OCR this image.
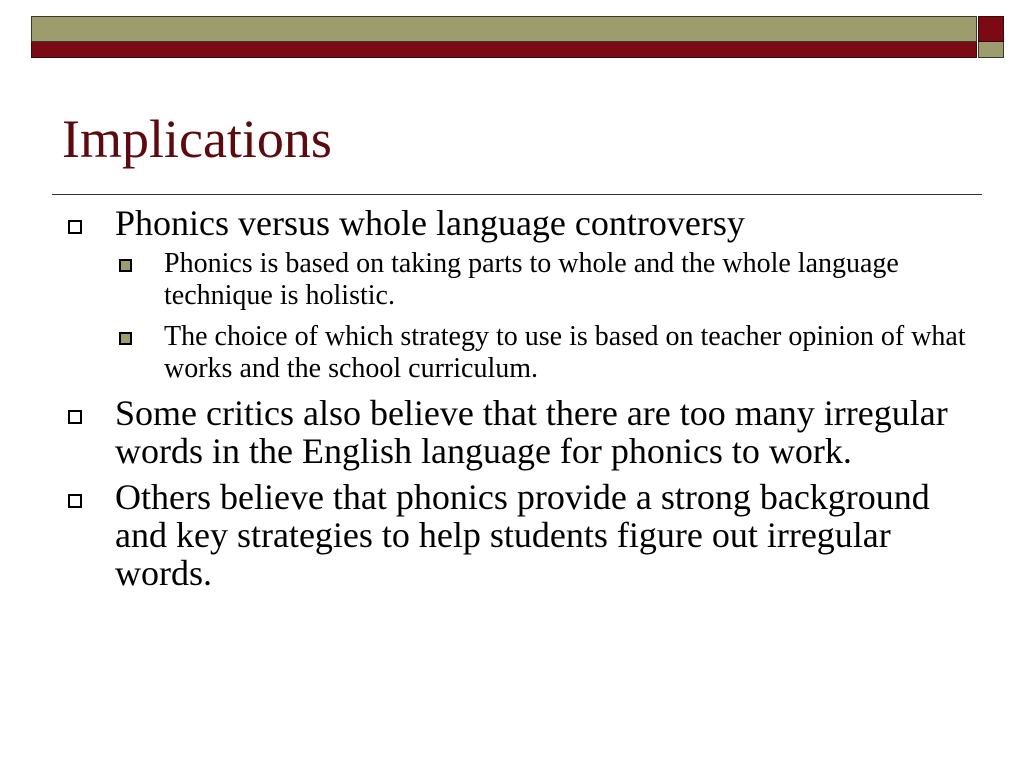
Implications
Phonics versus whole language controversy
Phonics is based on taking parts to whole and the whole language technique is holistic.
The choice of which strategy to use is based on teacher opinion of what works and the school curriculum.
Some critics also believe that there are too many irregular words in the English language for phonics to work.
Others believe that phonics provide a strong background and key strategies to help students figure out irregular words.
